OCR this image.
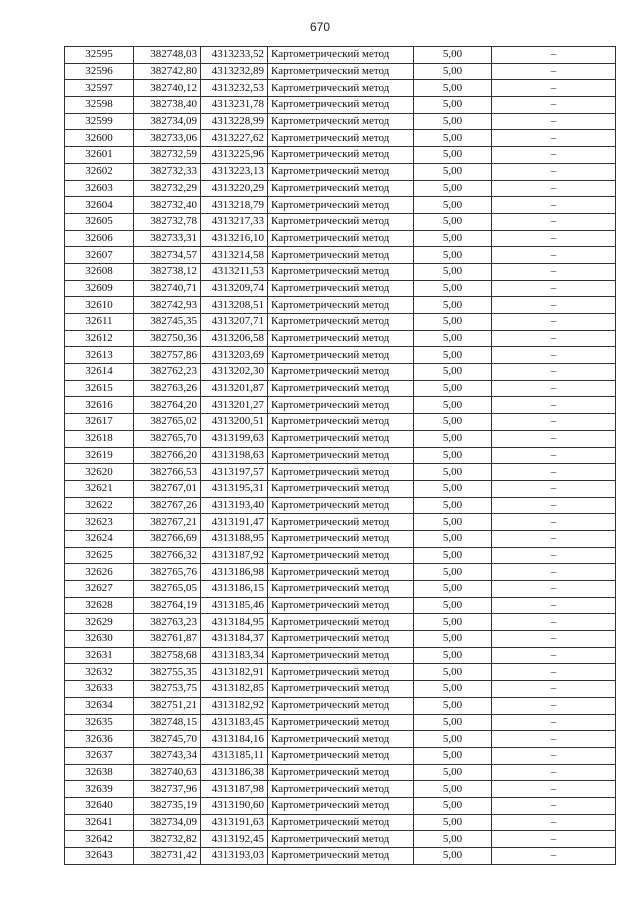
670
32595	382748,03	4313233,52	Картометрический метод	5,00	–
32596	382742,80	4313232,89	Картометрический метод	5,00	–
32597	382740,12	4313232,53	Картометрический метод	5,00	–
32598	382738,40	4313231,78	Картометрический метод	5,00	–
32599	382734,09	4313228,99	Картометрический метод	5,00	–
32600	382733,06	4313227,62	Картометрический метод	5,00	–
32601	382732,59	4313225,96	Картометрический метод	5,00	–
32602	382732,33	4313223,13	Картометрический метод	5,00	–
32603	382732,29	4313220,29	Картометрический метод	5,00	–
32604	382732,40	4313218,79	Картометрический метод	5,00	–
32605	382732,78	4313217,33	Картометрический метод	5,00	–
32606	382733,31	4313216,10	Картометрический метод	5,00	–
32607	382734,57	4313214,58	Картометрический метод	5,00	–
32608	382738,12	4313211,53	Картометрический метод	5,00	–
32609	382740,71	4313209,74	Картометрический метод	5,00	–
32610	382742,93	4313208,51	Картометрический метод	5,00	–
32611	382745,35	4313207,71	Картометрический метод	5,00	–
32612	382750,36	4313206,58	Картометрический метод	5,00	–
32613	382757,86	4313203,69	Картометрический метод	5,00	–
32614	382762,23	4313202,30	Картометрический метод	5,00	–
32615	382763,26	4313201,87	Картометрический метод	5,00	–
32616	382764,20	4313201,27	Картометрический метод	5,00	–
32617	382765,02	4313200,51	Картометрический метод	5,00	–
32618	382765,70	4313199,63	Картометрический метод	5,00	–
32619	382766,20	4313198,63	Картометрический метод	5,00	–
32620	382766,53	4313197,57	Картометрический метод	5,00	–
32621	382767,01	4313195,31	Картометрический метод	5,00	–
32622	382767,26	4313193,40	Картометрический метод	5,00	–
32623	382767,21	4313191,47	Картометрический метод	5,00	–
32624	382766,69	4313188,95	Картометрический метод	5,00	–
32625	382766,32	4313187,92	Картометрический метод	5,00	–
32626	382765,76	4313186,98	Картометрический метод	5,00	–
32627	382765,05	4313186,15	Картометрический метод	5,00	–
32628	382764,19	4313185,46	Картометрический метод	5,00	–
32629	382763,23	4313184,95	Картометрический метод	5,00	–
32630	382761,87	4313184,37	Картометрический метод	5,00	–
32631	382758,68	4313183,34	Картометрический метод	5,00	–
32632	382755,35	4313182,91	Картометрический метод	5,00	–
32633	382753,75	4313182,85	Картометрический метод	5,00	–
32634	382751,21	4313182,92	Картометрический метод	5,00	–
32635	382748,15	4313183,45	Картометрический метод	5,00	–
32636	382745,70	4313184,16	Картометрический метод	5,00	–
32637	382743,34	4313185,11	Картометрический метод	5,00	–
32638	382740,63	4313186,38	Картометрический метод	5,00	–
32639	382737,96	4313187,98	Картометрический метод	5,00	–
32640	382735,19	4313190,60	Картометрический метод	5,00	–
32641	382734,09	4313191,63	Картометрический метод	5,00	–
32642	382732,82	4313192,45	Картометрический метод	5,00	–
32643	382731,42	4313193,03	Картометрический метод	5,00	–
